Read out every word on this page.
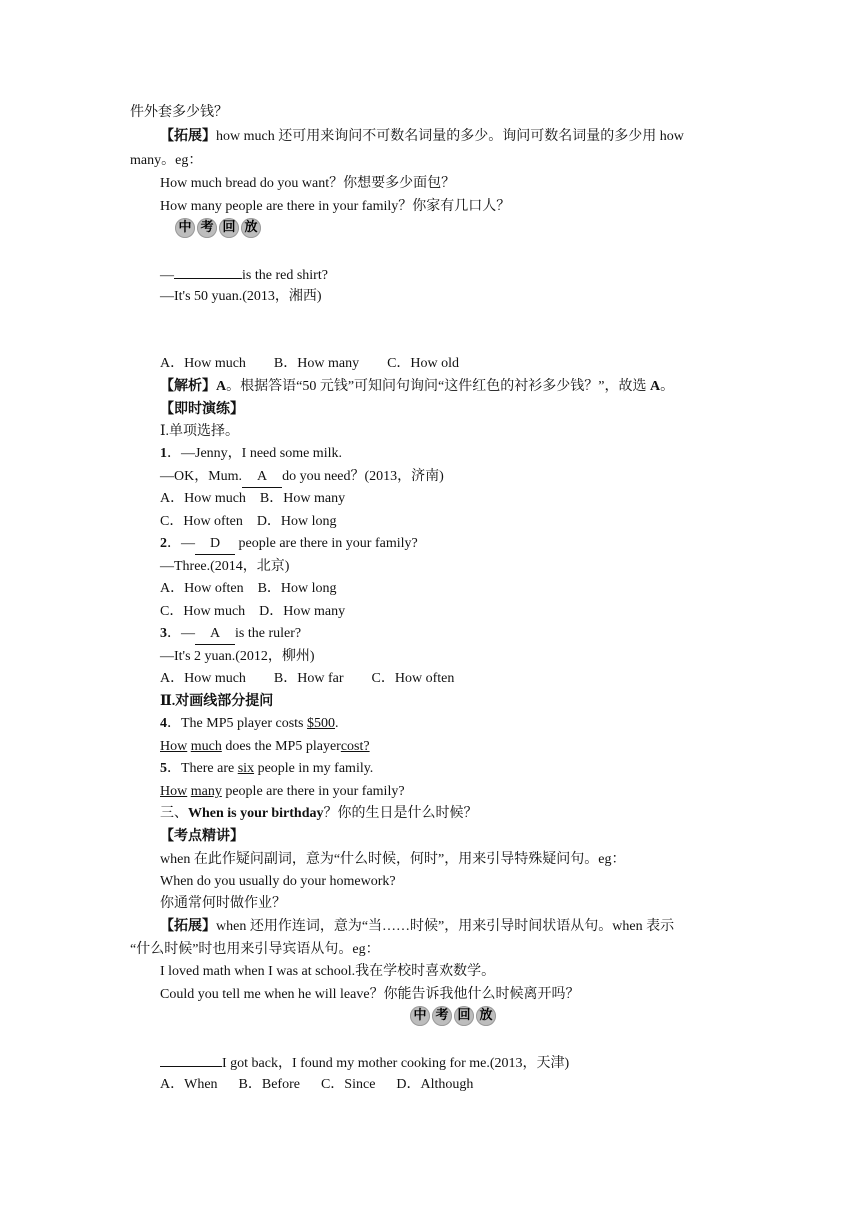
件外套多少钱？
【拓展】how much 还可用来询问不可数名词量的多少。询问可数名词量的多少用 how
many。eg：
How much bread do you want？你想要多少面包？
How many people are there in your family？你家有几口人？
中 考 回 放
—	is the red shirt?
—It's 50 yuan.(2013，湘西)
A．How much        B．How many        C．How old
【解析】A。根据答语“50 元钱”可知问句询问“这件红色的衬衫多少钱？”，故选 A。
【即时演练】
Ⅰ.单项选择。
1．—Jenny，I need some milk.
—OK，Mum. A do you need？(2013，济南)
A．How much    B．How many
C．How often    D．How long
2．— D people are there in your family?
—Three.(2014，北京)
A．How often    B．How long
C．How much    D．How many
3．— A is the ruler?
—It's 2 yuan.(2012，柳州)
A．How much        B．How far        C．How often
Ⅱ.对画线部分提问
4．The MP5 player costs $500.
How much does the MP5 playercost?
5．There are six people in my family.
How many people are there in your family?
三、When is your birthday？你的生日是什么时候？
【考点精讲】
when 在此作疑问副词，意为“什么时候，何时”，用来引导特殊疑问句。eg：
When do you usually do your homework?
你通常何时做作业？
【拓展】when 还用作连词，意为“当……时候”，用来引导时间状语从句。when 表示
“什么时候”时也用来引导宾语从句。eg：
I loved math when I was at school.我在学校时喜欢数学。
Could you tell me when he will leave？你能告诉我他什么时候离开吗？
中 考 回 放
I got back，I found my mother cooking for me.(2013，天津)
A．When      B．Before      C．Since      D．Although
